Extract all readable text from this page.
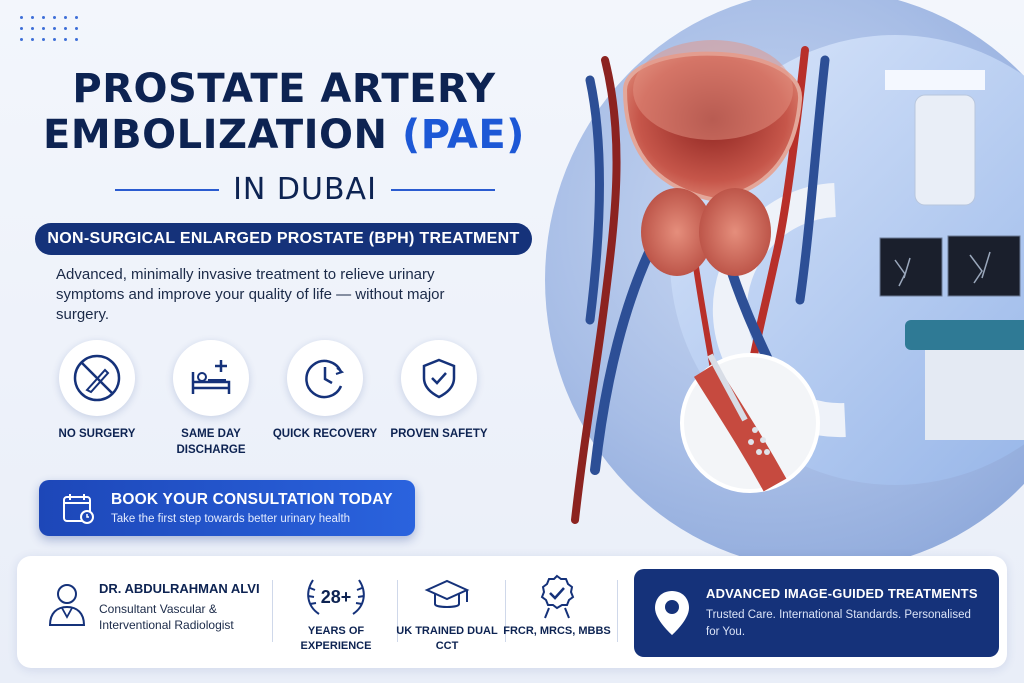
PROSTATE ARTERY
EMBOLIZATION (PAE)
IN DUBAI
NON-SURGICAL ENLARGED PROSTATE (BPH) TREATMENT
Advanced, minimally invasive treatment to relieve urinary symptoms and improve your quality of life — without major surgery.
NO SURGERY	SAME DAY DISCHARGE
QUICK RECOVERY	PROVEN SAFETY
BOOK YOUR CONSULTATION TODAY
Take the first step towards better urinary health
DR. ABDULRAHMAN ALVI
Consultant Vascular & Interventional Radiologist
28+
YEARS OF EXPERIENCE
UK TRAINED DUAL CCT
FRCR, MRCS, MBBS
ADVANCED IMAGE-GUIDED TREATMENTS
Trusted Care. International Standards. Personalised for You.
